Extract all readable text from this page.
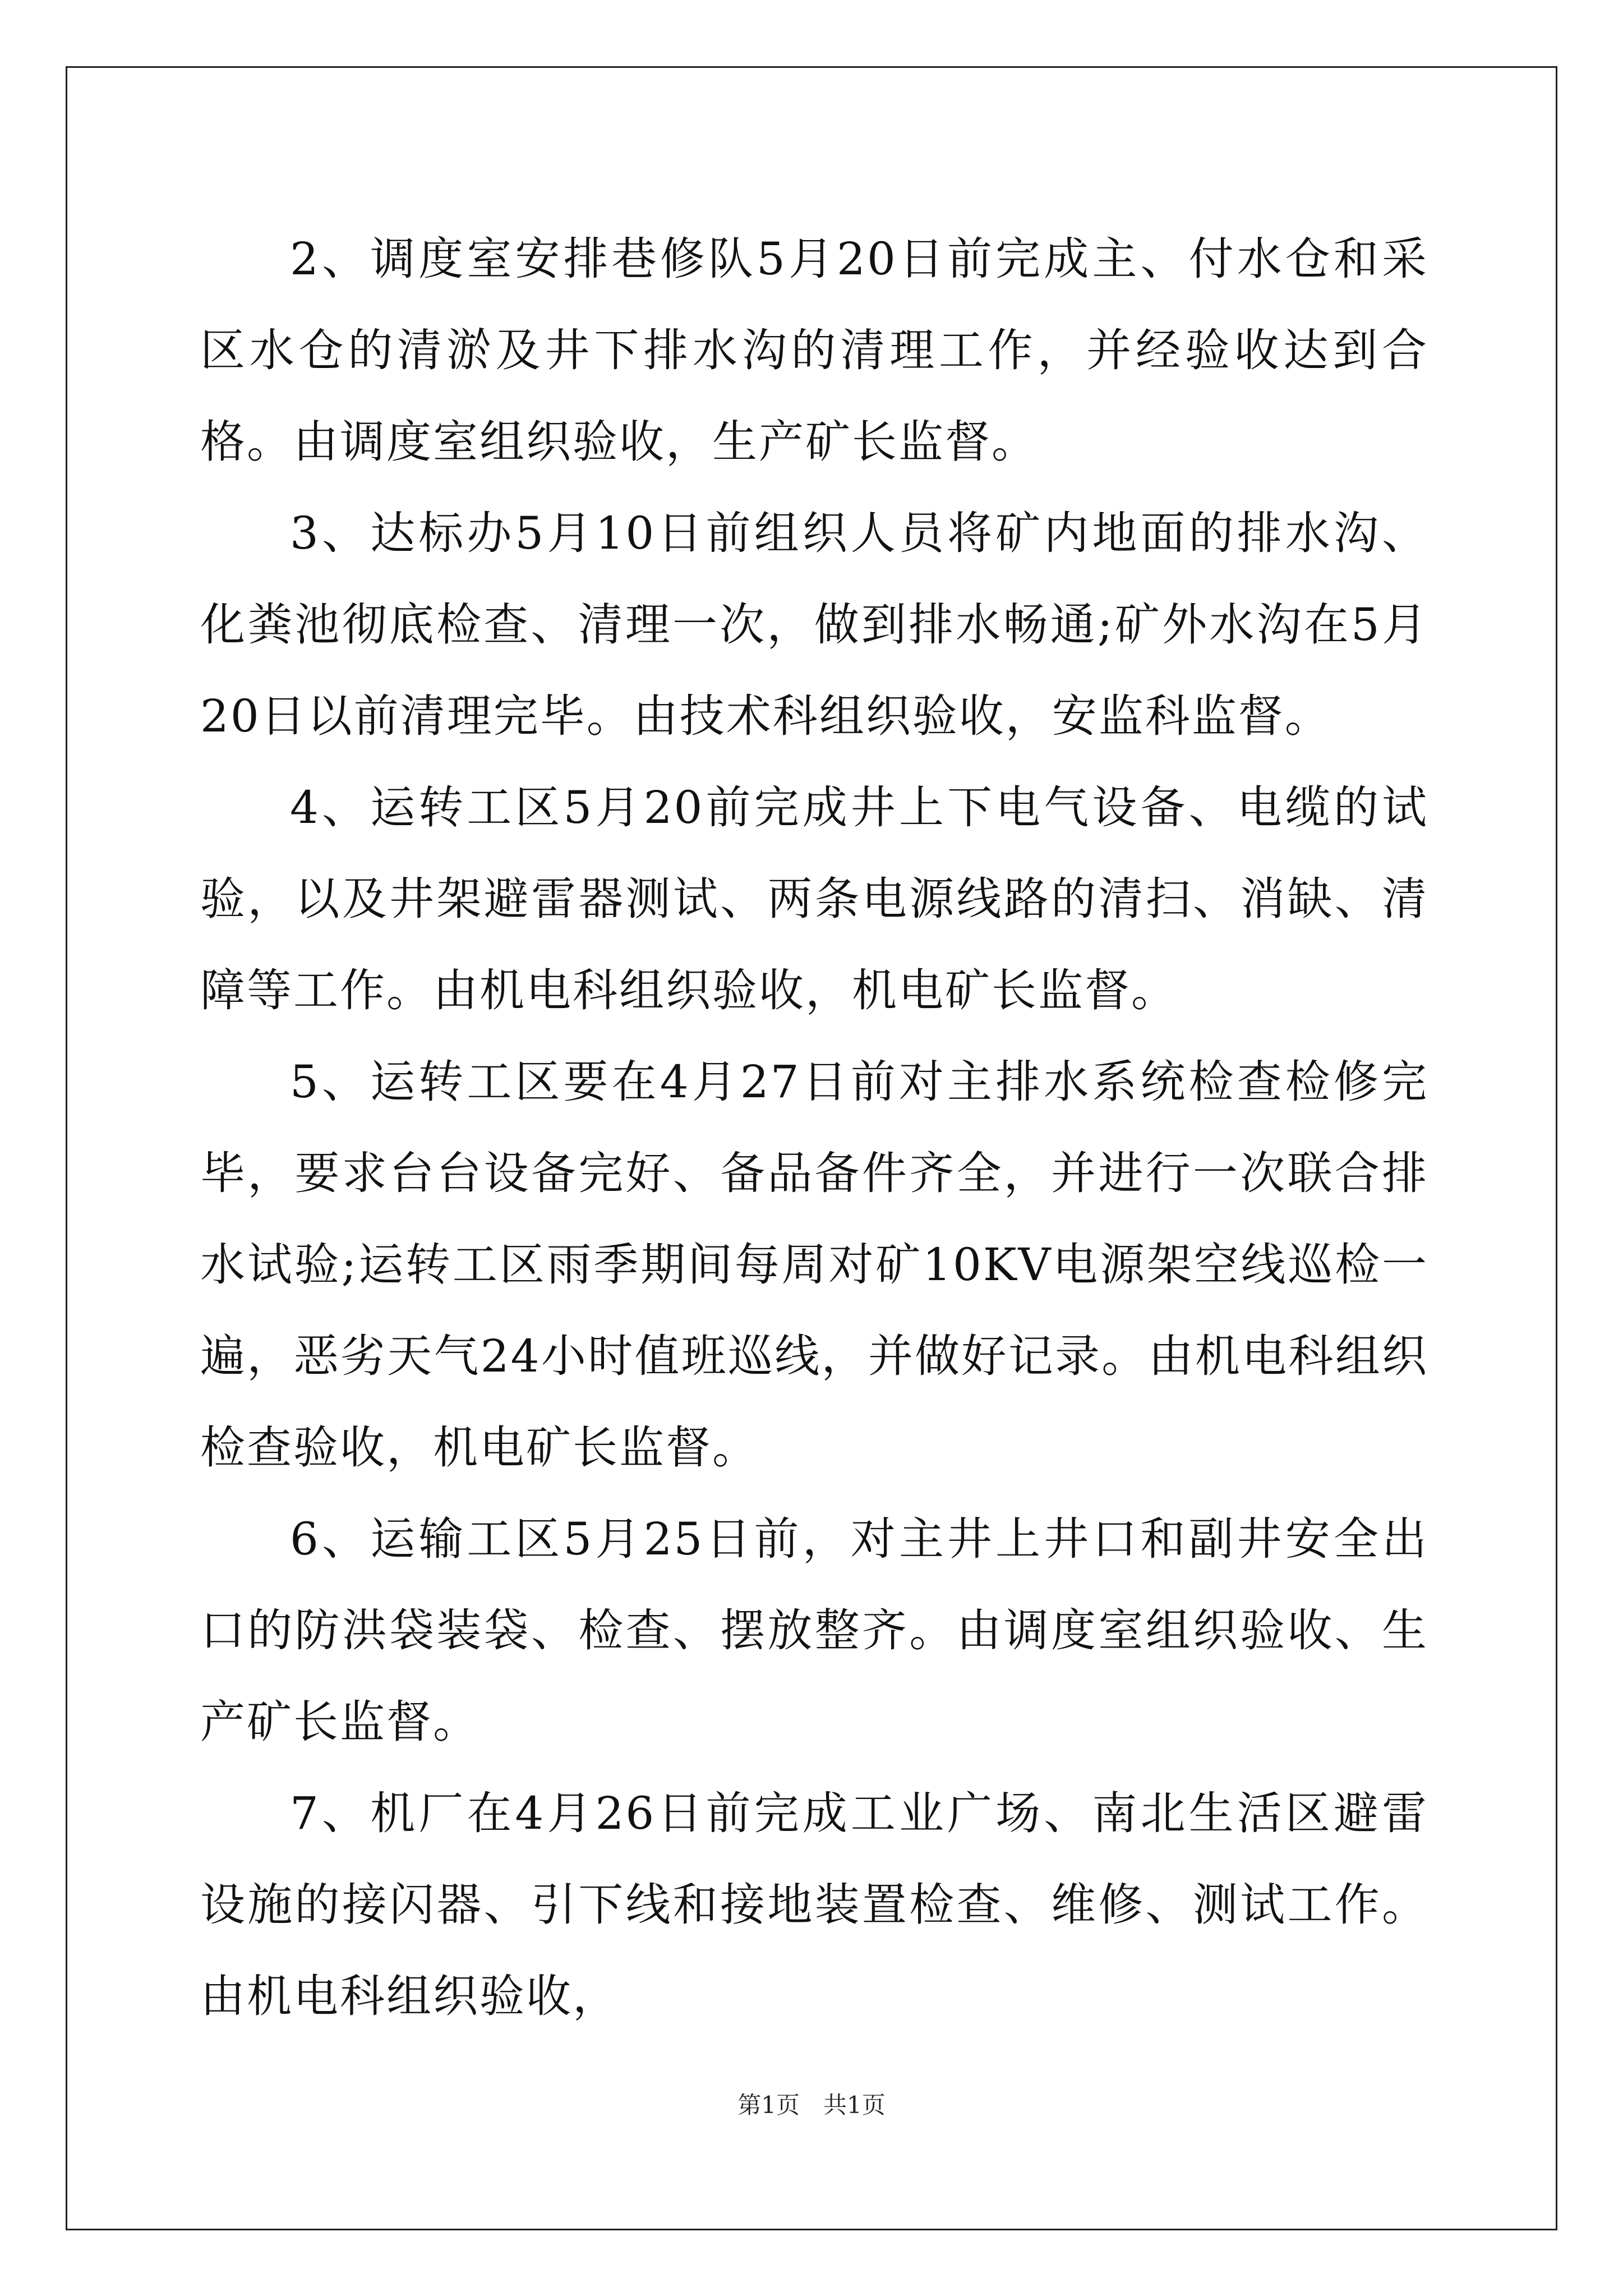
2、调度室安排巷修队5月20日前完成主、付水仓和采区水仓的清淤及井下排水沟的清理工作，并经验收达到合格。由调度室组织验收，生产矿长监督。

3、达标办5月10日前组织人员将矿内地面的排水沟、化粪池彻底检查、清理一次，做到排水畅通;矿外水沟在5月20日以前清理完毕。由技术科组织验收，安监科监督。

4、运转工区5月20前完成井上下电气设备、电缆的试验，以及井架避雷器测试、两条电源线路的清扫、消缺、清障等工作。由机电科组织验收，机电矿长监督。

5、运转工区要在4月27日前对主排水系统检查检修完毕，要求台台设备完好、备品备件齐全，并进行一次联合排水试验;运转工区雨季期间每周对矿10KV电源架空线巡检一遍，恶劣天气24小时值班巡线，并做好记录。由机电科组织检查验收，机电矿长监督。

6、运输工区5月25日前，对主井上井口和副井安全出口的防洪袋装袋、检查、摆放整齐。由调度室组织验收、生产矿长监督。

7、机厂在4月26日前完成工业广场、南北生活区避雷设施的接闪器、引下线和接地装置检查、维修、测试工作。由机电科组织验收，

第1页　共1页
